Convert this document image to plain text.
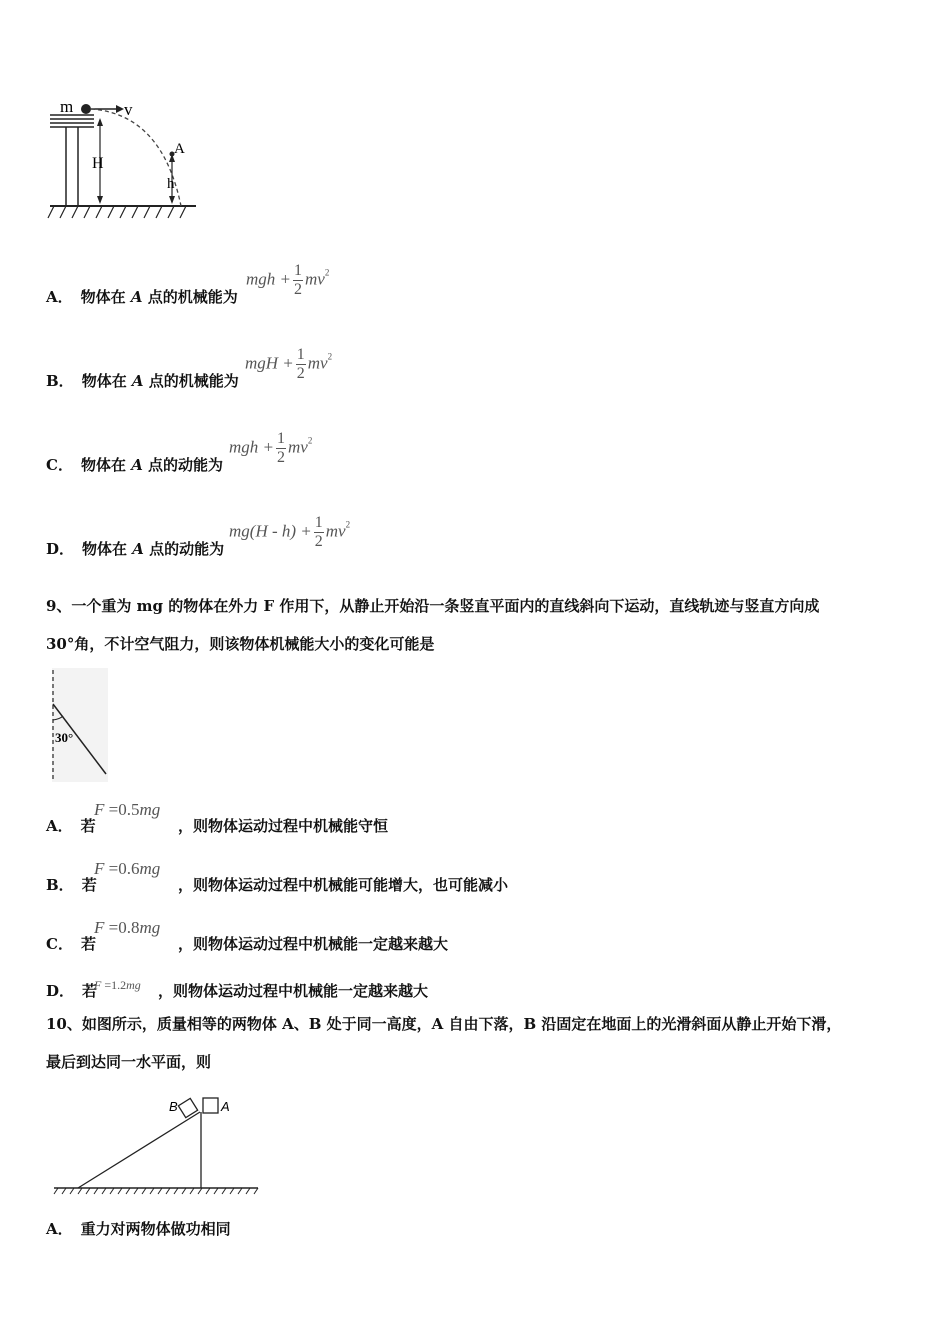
m	v
H
A
h
A． 物体在 A 点的机械能为
mgh + $\frac{1}{2} mv^2$
B． 物体在 A 点的机械能为
mgH + $\frac{1}{2} mv^2$
C． 物体在 A 点的动能为
mgh + $\frac{1}{2} mv^2$
D． 物体在 A 点的动能为
$mg(H - h) + \frac{1}{2} mv^2$
9、一个重为 mg 的物体在外力 F 作用下，从静止开始沿一条竖直平面内的直线斜向下运动，直线轨迹与竖直方向成
30°角，不计空气阻力，则该物体机械能大小的变化可能是
30°
A． 若
F =0.5mg
，则物体运动过程中机械能守恒
B． 若
F =0.6mg
，则物体运动过程中机械能可能增大，也可能减小
C． 若
F =0.8mg
，则物体运动过程中机械能一定越来越大
D． 若
F =1.2mg ，则物体运动过程中机械能一定越来越大
10、如图所示，质量相等的两物体 A、B 处于同一高度，A 自由下落，B 沿固定在地面上的光滑斜面从静止开始下滑，
最后到达同一水平面，则
B	A
A． 重力对两物体做功相同
